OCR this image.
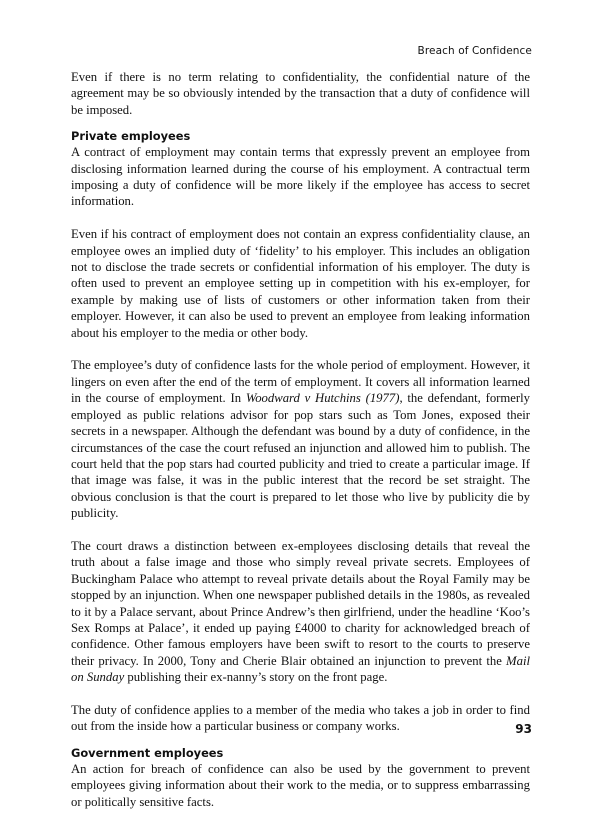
Breach of Confidence

Even if there is no term relating to confidentiality, the confidential nature of the agreement may be so obviously intended by the transaction that a duty of confidence will be imposed.

Private employees

A contract of employment may contain terms that expressly prevent an employee from disclosing information learned during the course of his employment. A contractual term imposing a duty of confidence will be more likely if the employee has access to secret information.

Even if his contract of employment does not contain an express confidentiality clause, an employee owes an implied duty of ‘fidelity’ to his employer. This includes an obligation not to disclose the trade secrets or confidential information of his employer. The duty is often used to prevent an employee setting up in competition with his ex-employer, for example by making use of lists of customers or other information taken from their employer. However, it can also be used to prevent an employee from leaking information about his employer to the media or other body.

The employee’s duty of confidence lasts for the whole period of employment. However, it lingers on even after the end of the term of employment. It covers all information learned in the course of employment. In Woodward v Hutchins (1977), the defendant, formerly employed as public relations advisor for pop stars such as Tom Jones, exposed their secrets in a newspaper. Although the defendant was bound by a duty of confidence, in the circumstances of the case the court refused an injunction and allowed him to publish. The court held that the pop stars had courted publicity and tried to create a particular image. If that image was false, it was in the public interest that the record be set straight. The obvious conclusion is that the court is prepared to let those who live by publicity die by publicity.

The court draws a distinction between ex-employees disclosing details that reveal the truth about a false image and those who simply reveal private secrets. Employees of Buckingham Palace who attempt to reveal private details about the Royal Family may be stopped by an injunction. When one newspaper published details in the 1980s, as revealed to it by a Palace servant, about Prince Andrew’s then girlfriend, under the headline ‘Koo’s Sex Romps at Palace’, it ended up paying £4000 to charity for acknowledged breach of confidence. Other famous employers have been swift to resort to the courts to preserve their privacy. In 2000, Tony and Cherie Blair obtained an injunction to prevent the Mail on Sunday publishing their ex-nanny’s story on the front page.

The duty of confidence applies to a member of the media who takes a job in order to find out from the inside how a particular business or company works.

Government employees

An action for breach of confidence can also be used by the government to prevent employees giving information about their work to the media, or to suppress embarrassing or politically sensitive facts.

93
